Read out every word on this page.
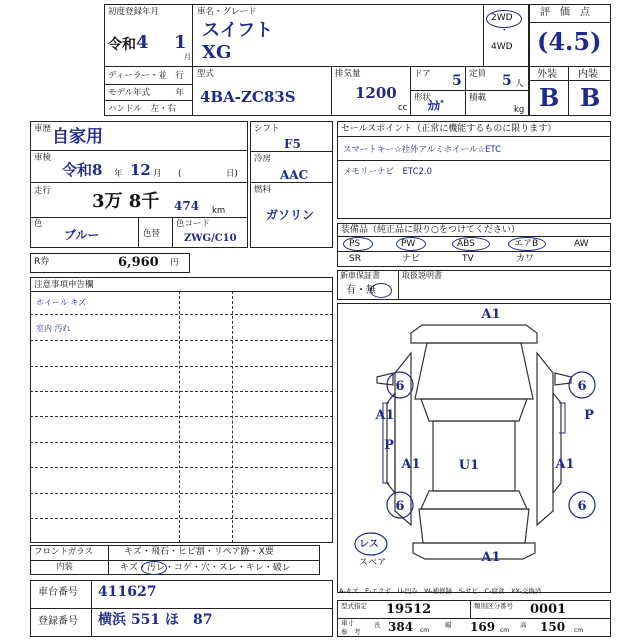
初度登録年月
令和 4 1
月
車名・グレード
スイフト
XG
2WD
・
4WD
評　価　点
(4.5)
ディーラー・並　行
モデル年式　　　年
ハンドル　左・右
型式
4BA-ZC83S
排気量
1200
cc
ドア 5 定員 5 人
形状
ｶｶﾞ
積載
kg
外装 内装
B B
車歴 自家用
車検
令和8 年 12 月 (	日)
走行 3万 8千 474 km
色
ブルー	色替
色コード
ZWG/C10
シフト
F5
冷房
AAC
燃料
ガソリン
セールスポイント（正常に機能するものに限ります）
スマートキー☆社外アルミホイール☆ETC
メモリーナビ　ETC2.0
装備品（純正品に限り○をつけてください）
PS	PW	ABS	エアB	AW
SR	ナビ	TV	カワ
新車保証書
有・無
取扱説明書
R券	6,960 円
注意事項申告欄
ホイール キズ
室内 汚れ
フロントガラス	キズ・飛石・ヒビ割・リペア跡・X要
内装	キズ・汚レ・コゲ・穴・スレ・キレ・破レ
車台番号 411627
登録番号 横浜 551 ほ　87
A1
6	6
A1
P
P
A1	U1	A1
6	6
A1
レス
スペア
A-キズ　E-エクボ　U-凹み　W-補修跡　S-サビ　C-腐食　XX-交換済
型式指定 19512	類別区分番号 0001
車寸
参　考
長 384 cm
幅 169 cm
高 150 cm
